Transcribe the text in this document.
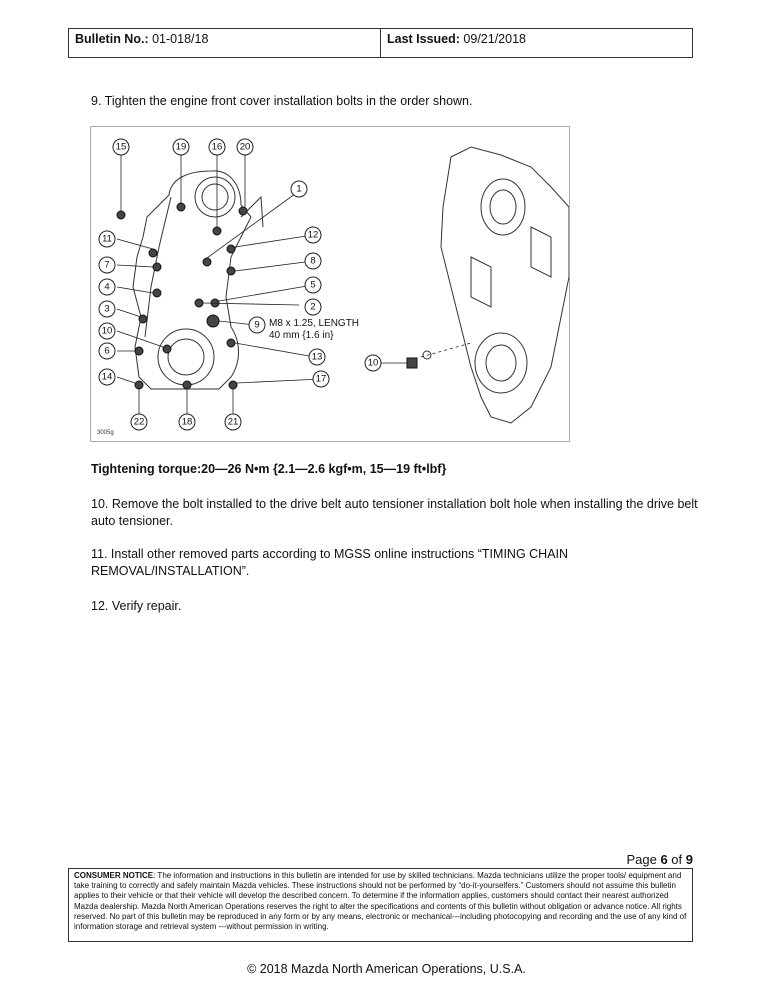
Bulletin No.: 01-018/18	Last Issued: 09/21/2018

9. Tighten the engine front cover installation bolts in the order shown.

15	19	16 20
1
11	12
7	8
4	5
3	2
9
10
6
13
14	17
22	18	21
10
M8 x 1.25, LENGTH
40 mm {1.6 in}
3005g

Tightening torque:20—26 N•m {2.1—2.6 kgf•m, 15—19 ft•lbf}

10. Remove the bolt installed to the drive belt auto tensioner installation bolt hole when installing the drive belt auto tensioner.

11. Install other removed parts according to MGSS online instructions “TIMING CHAIN REMOVAL/INSTALLATION”.

12. Verify repair.

Page 6 of 9
CONSUMER NOTICE: The information and instructions in this bulletin are intended for use by skilled technicians. Mazda technicians utilize the proper tools/ equipment and take training to correctly and safely maintain Mazda vehicles. These instructions should not be performed by “do-it-yourselfers.” Customers should not assume this bulletin applies to their vehicle or that their vehicle will develop the described concern. To determine if the information applies, customers should contact their nearest authorized Mazda dealership. Mazda North American Operations reserves the right to alter the specifications and contents of this bulletin without obligation or advance notice. All rights reserved. No part of this bulletin may be reproduced in any form or by any means, electronic or mechanical---including photocopying and recording and the use of any kind of information storage and retrieval system ---without permission in writing.
© 2018 Mazda North American Operations, U.S.A.
